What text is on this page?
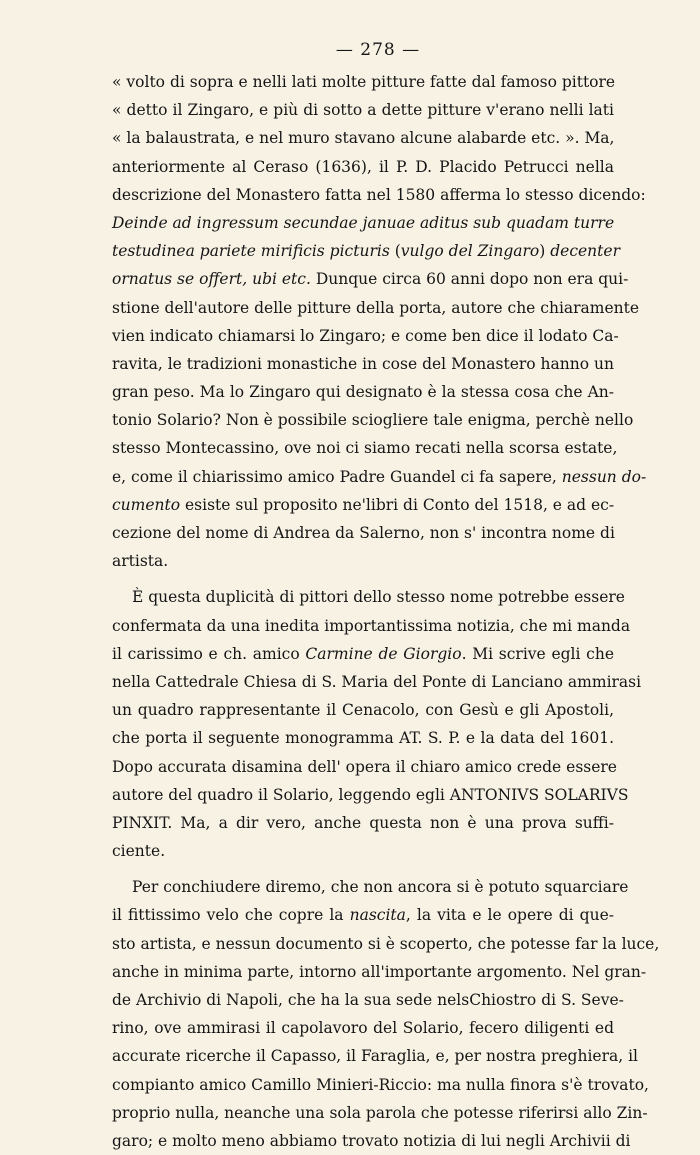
— 278 —
« volto di sopra e nelli lati molte pitture fatte dal famoso pittore
« detto il Zingaro, e più di sotto a dette pitture v'erano nelli lati
« la balaustrata, e nel muro stavano alcune alabarde etc. ». Ma,
anteriormente al Ceraso (1636), il P. D. Placido Petrucci nella
descrizione del Monastero fatta nel 1580 afferma lo stesso dicendo:
Deinde ad ingressum secundae januae aditus sub quadam turre
testudinea pariete mirificis picturis (vulgo del Zingaro) decenter
ornatus se offert, ubi etc. Dunque circa 60 anni dopo non era qui-
stione dell'autore delle pitture della porta, autore che chiaramente
vien indicato chiamarsi lo Zingaro; e come ben dice il lodato Ca-
ravita, le tradizioni monastiche in cose del Monastero hanno un
gran peso. Ma lo Zingaro qui designato è la stessa cosa che An-
tonio Solario? Non è possibile sciogliere tale enigma, perchè nello
stesso Montecassino, ove noi ci siamo recati nella scorsa estate,
e, come il chiarissimo amico Padre Guandel ci fa sapere, nessun do-
cumento esiste sul proposito ne'libri di Conto del 1518, e ad ec-
cezione del nome di Andrea da Salerno, non s' incontra nome di
artista.
È questa duplicità di pittori dello stesso nome potrebbe essere
confermata da una inedita importantissima notizia, che mi manda
il carissimo e ch. amico Carmine de Giorgio. Mi scrive egli che
nella Cattedrale Chiesa di S. Maria del Ponte di Lanciano ammirasi
un quadro rappresentante il Cenacolo, con Gesù e gli Apostoli,
che porta il seguente monogramma AT. S. P. e la data del 1601.
Dopo accurata disamina dell' opera il chiaro amico crede essere
autore del quadro il Solario, leggendo egli ANTONIVS SOLARIVS
PINXIT. Ma, a dir vero, anche questa non è una prova suffi-
ciente.
Per conchiudere diremo, che non ancora si è potuto squarciare
il fittissimo velo che copre la nascita, la vita e le opere di que-
sto artista, e nessun documento si è scoperto, che potesse far la luce,
anche in minima parte, intorno all'importante argomento. Nel gran-
de Archivio di Napoli, che ha la sua sede nelsChiostro di S. Seve-
rino, ove ammirasi il capolavoro del Solario, fecero diligenti ed
accurate ricerche il Capasso, il Faraglia, e, per nostra preghiera, il
compianto amico Camillo Minieri-Riccio: ma nulla finora s'è trovato,
proprio nulla, neanche una sola parola che potesse riferirsi allo Zin-
garo; e molto meno abbiamo trovato notizia di lui negli Archivii di
